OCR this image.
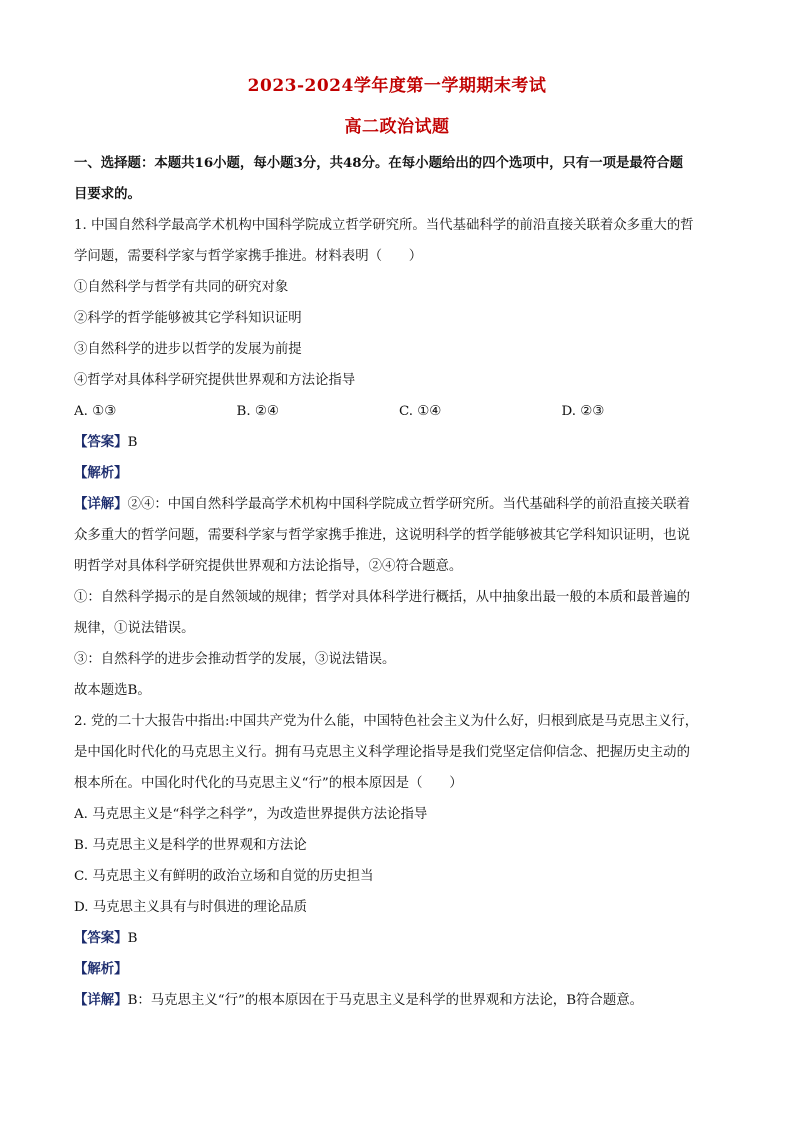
2023-2024学年度第一学期期末考试
高二政治试题

一、选择题：本题共16小题，每小题3分，共48分。在每小题给出的四个选项中，只有一项是最符合题

目要求的。

1. 中国自然科学最高学术机构中国科学院成立哲学研究所。当代基础科学的前沿直接关联着众多重大的哲

学问题，需要科学家与哲学家携手推进。材料表明（　　）

①自然科学与哲学有共同的研究对象

②科学的哲学能够被其它学科知识证明

③自然科学的进步以哲学的发展为前提

④哲学对具体科学研究提供世界观和方法论指导

A. ①③	B. ②④	C. ①④	D. ②③

【答案】B

【解析】

【详解】②④：中国自然科学最高学术机构中国科学院成立哲学研究所。当代基础科学的前沿直接关联着

众多重大的哲学问题，需要科学家与哲学家携手推进，这说明科学的哲学能够被其它学科知识证明，也说

明哲学对具体科学研究提供世界观和方法论指导，②④符合题意。

①：自然科学揭示的是自然领域的规律；哲学对具体科学进行概括，从中抽象出最一般的本质和最普遍的

规律，①说法错误。

③：自然科学的进步会推动哲学的发展，③说法错误。

故本题选B。

2. 党的二十大报告中指出:中国共产党为什么能，中国特色社会主义为什么好，归根到底是马克思主义行，

是中国化时代化的马克思主义行。拥有马克思主义科学理论指导是我们党坚定信仰信念、把握历史主动的

根本所在。中国化时代化的马克思主义“行”的根本原因是（　　）

A. 马克思主义是“科学之科学”，为改造世界提供方法论指导

B. 马克思主义是科学的世界观和方法论

C. 马克思主义有鲜明的政治立场和自觉的历史担当

D. 马克思主义具有与时俱进的理论品质

【答案】B

【解析】

【详解】B：马克思主义“行”的根本原因在于马克思主义是科学的世界观和方法论，B符合题意。
